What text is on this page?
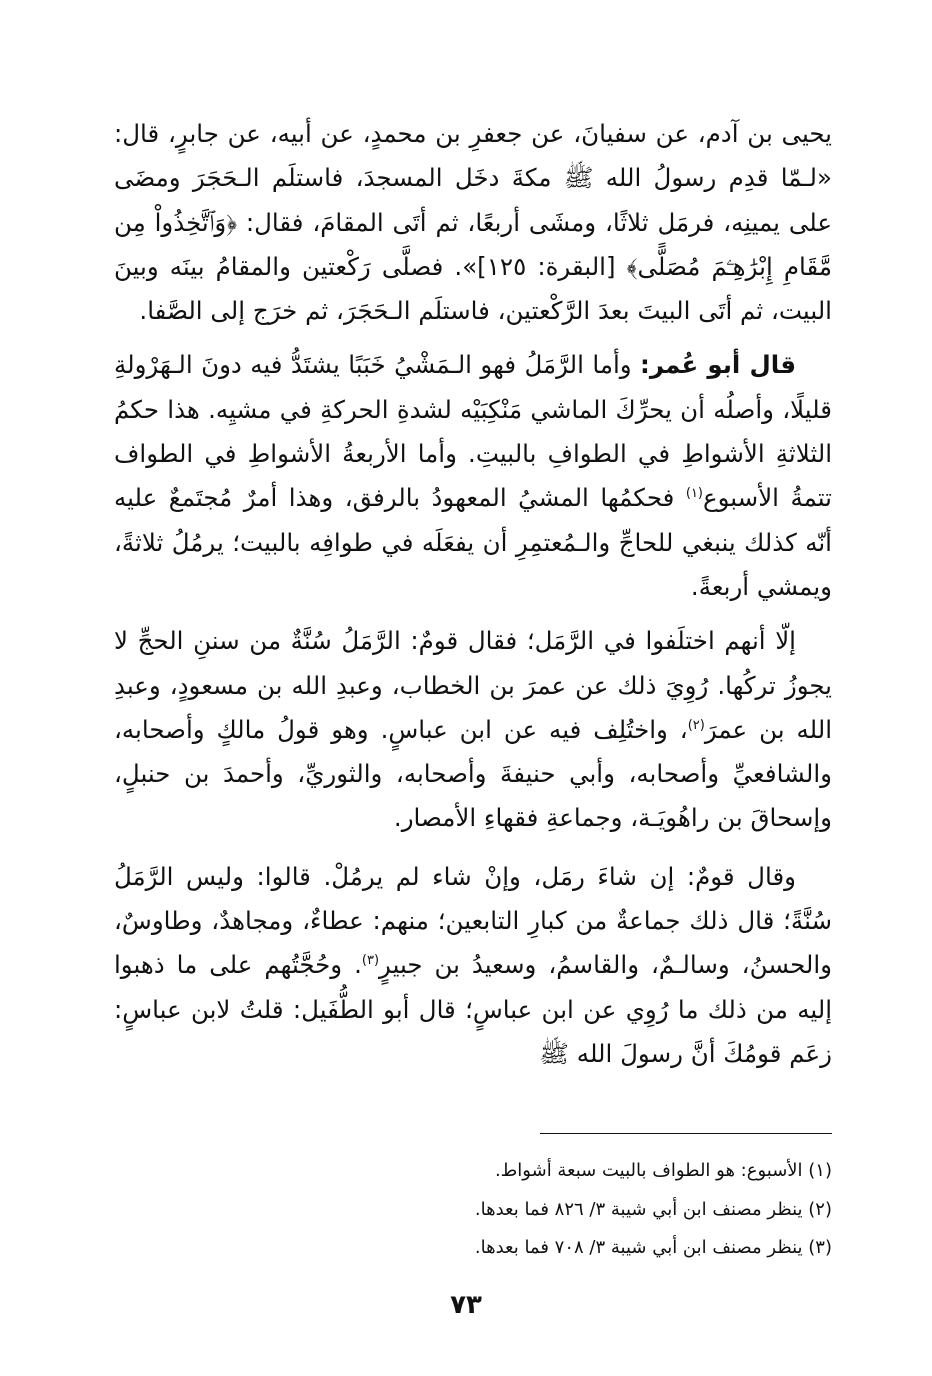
يحيى بن آدم، عن سفيانَ، عن جعفرِ بن محمدٍ، عن أبيه، عن جابرٍ، قال: «لـمّا قدِم رسولُ الله ﷺ مكةَ دخَل المسجدَ، فاستلَم الـحَجَرَ ومضَى على يمينِه، فرمَل ثلاثًا، ومشَى أربعًا، ثم أتَى المقامَ، فقال: ﴿وَٱتَّخِذُواْ مِن مَّقَامِ إِبْرَٰهِـۧمَ مُصَلًّى﴾ [البقرة: ١٢٥]». فصلَّى رَكْعتين والمقامُ بينَه وبينَ البيت، ثم أتَى البيتَ بعدَ الرَّكْعتين، فاستلَم الـحَجَرَ، ثم خرَج إلى الصَّفا.

قال أبو عُمر: وأما الرَّمَلُ فهو الـمَشْيُ خَبَبًا يشتَدُّ فيه دونَ الـهَرْولةِ قليلًا، وأصلُه أن يحرِّكَ الماشي مَنْكِبَيْه لشدةِ الحركةِ في مشيِه. هذا حكمُ الثلاثةِ الأشواطِ في الطوافِ بالبيتِ. وأما الأربعةُ الأشواطِ في الطواف تتمةُ الأسبوع$^{(١)}$ فحكمُها المشيُ المعهودُ بالرفق، وهذا أمرٌ مُجتَمعٌ عليه أنّه كذلك ينبغي للحاجِّ والـمُعتمِرِ أن يفعَلَه في طوافِه بالبيت؛ يرمُلُ ثلاثةً، ويمشي أربعةً.

إلّا أنهم اختلَفوا في الرَّمَل؛ فقال قومٌ: الرَّمَلُ سُنَّةٌ من سننِ الحجِّ لا يجوزُ تركُها. رُوِيَ ذلك عن عمرَ بن الخطاب، وعبدِ الله بن مسعودٍ، وعبدِ الله بن عمرَ$^{(٢)}$، واختُلِف فيه عن ابن عباسٍ. وهو قولُ مالكٍ وأصحابه، والشافعيِّ وأصحابه، وأبي حنيفةَ وأصحابه، والثوريِّ، وأحمدَ بن حنبلٍ، وإسحاقَ بن راهُويَـة، وجماعةِ فقهاءِ الأمصار.

وقال قومٌ: إن شاءَ رمَل، وإنْ شاء لم يرمُلْ. قالوا: وليس الرَّمَلُ سُنَّةً؛ قال ذلك جماعةٌ من كبارِ التابعين؛ منهم: عطاءٌ، ومجاهدٌ، وطاوسٌ، والحسنُ، وسالـمٌ، والقاسمُ، وسعيدُ بن جبيرٍ$^{(٣)}$. وحُجَّتُهم على ما ذهبوا إليه من ذلك ما رُوِي عن ابن عباسٍ؛ قال أبو الطُّفَيل: قلتُ لابن عباسٍ: زعَم قومُكَ أنَّ رسولَ الله ﷺ

(١) الأسبوع: هو الطواف بالبيت سبعة أشواط.

(٢) ينظر مصنف ابن أبي شيبة ٣/ ٨٢٦ فما بعدها.

(٣) ينظر مصنف ابن أبي شيبة ٣/ ٧٠٨ فما بعدها.

٧٣
